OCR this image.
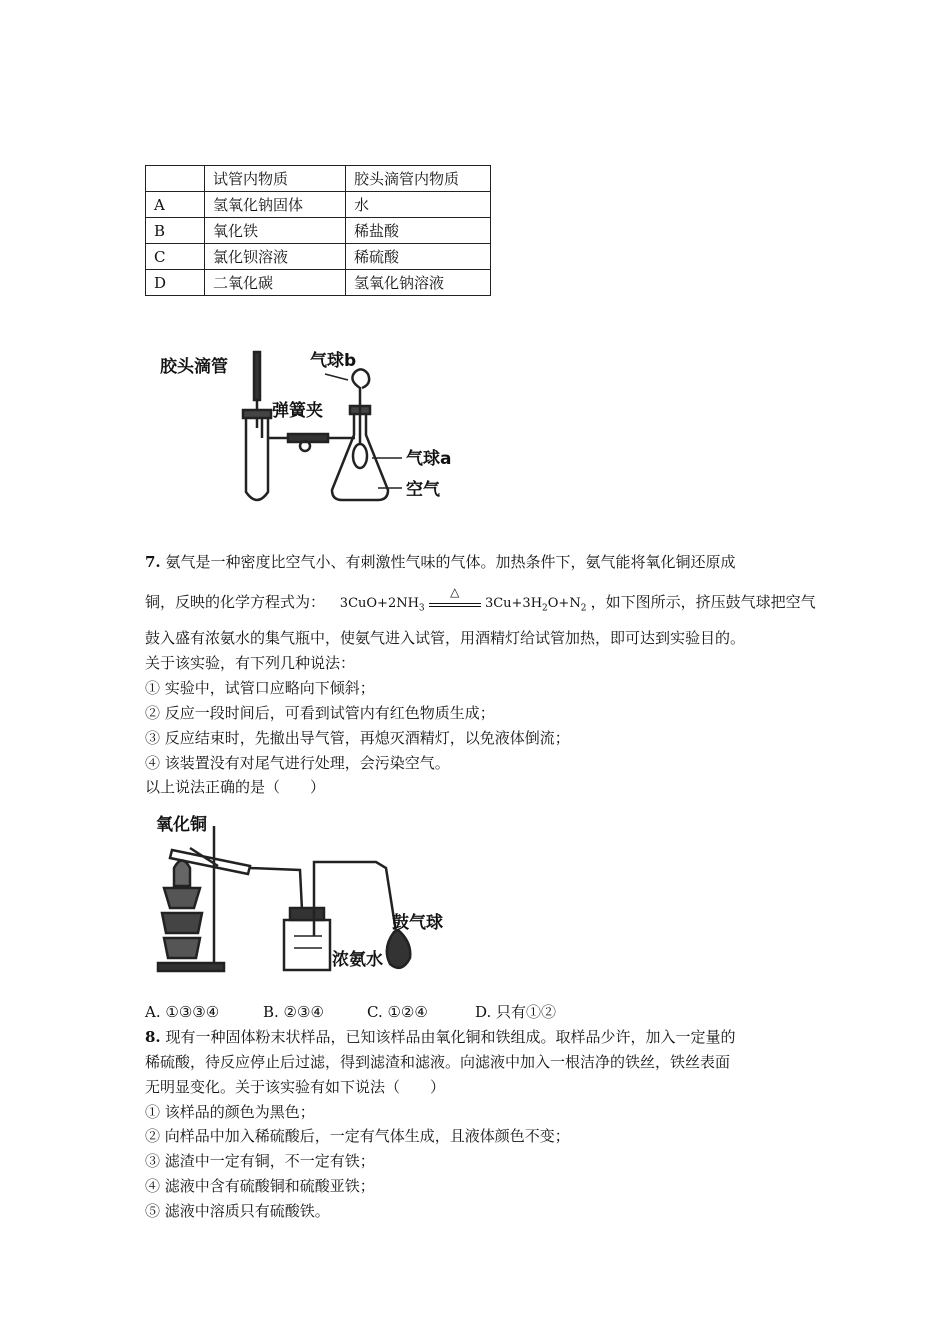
	试管内物质	胶头滴管内物质
A	氢氧化钠固体	水
B	氧化铁	稀盐酸
C	氯化钡溶液	稀硫酸
D	二氧化碳	氢氧化钠溶液
胶头滴管
弹簧夹
气球b
气球a
空气
7. 氨气是一种密度比空气小、有刺激性气味的气体。加热条件下，氨气能将氧化铜还原成
铜，反映的化学方程式为： $3CuO+2NH_3$
△
$3Cu+3H_2O+N_2$ ，如下图所示，挤压鼓气球把空气
鼓入盛有浓氨水的集气瓶中，使氨气进入试管，用酒精灯给试管加热，即可达到实验目的。
关于该实验，有下列几种说法：
① 实验中，试管口应略向下倾斜；
② 反应一段时间后，可看到试管内有红色物质生成；
③ 反应结束时，先撤出导气管，再熄灭酒精灯，以免液体倒流；
④ 该装置没有对尾气进行处理，会污染空气。
以上说法正确的是（　　）
氧化铜
鼓气球
浓氨水
A. ①③③④	B. ②③④	C. ①②④	D. 只有①②
8. 现有一种固体粉末状样品，已知该样品由氧化铜和铁组成。取样品少许，加入一定量的
稀硫酸，待反应停止后过滤，得到滤渣和滤液。向滤液中加入一根洁净的铁丝，铁丝表面
无明显变化。关于该实验有如下说法（　　）
① 该样品的颜色为黑色；
② 向样品中加入稀硫酸后，一定有气体生成，且液体颜色不变；
③ 滤渣中一定有铜，不一定有铁；
④ 滤液中含有硫酸铜和硫酸亚铁；
⑤ 滤液中溶质只有硫酸铁。
